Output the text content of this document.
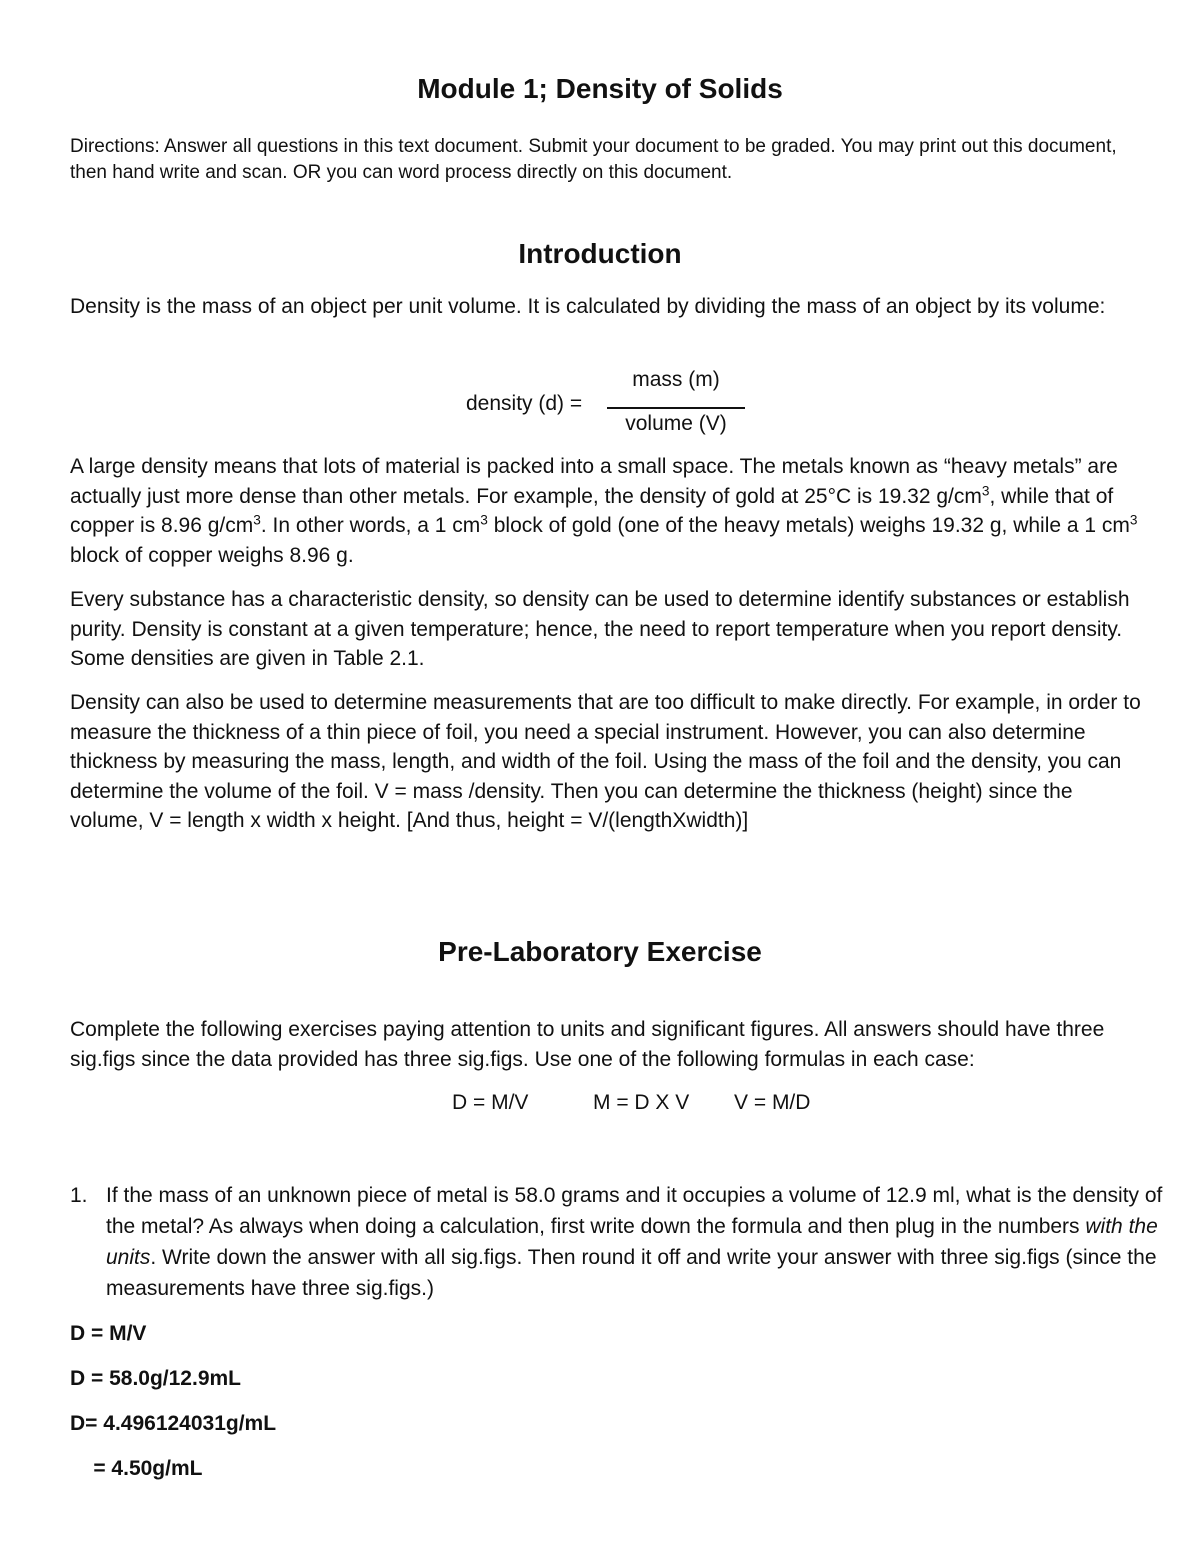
Module 1; Density of Solids

Directions: Answer all questions in this text document. Submit your document to be graded. You may print out this document, then hand write and scan. OR you can word process directly on this document.

Introduction

Density is the mass of an object per unit volume. It is calculated by dividing the mass of an object by its volume:

density (d) =
mass (m)
volume (V)

A large density means that lots of material is packed into a small space. The metals known as “heavy metals” are actually just more dense than other metals. For example, the density of gold at 25°C is 19.32 $g/cm^3$, while that of copper is 8.96 $g/cm^3$. In other words, a 1 $cm^3$ block of gold (one of the heavy metals) weighs 19.32 g, while a 1 $cm^3$ block of copper weighs 8.96 g.

Every substance has a characteristic density, so density can be used to determine identify substances or establish purity. Density is constant at a given temperature; hence, the need to report temperature when you report density. Some densities are given in Table 2.1.

Density can also be used to determine measurements that are too difficult to make directly. For example, in order to measure the thickness of a thin piece of foil, you need a special instrument. However, you can also determine thickness by measuring the mass, length, and width of the foil. Using the mass of the foil and the density, you can determine the volume of the foil. V = mass /density. Then you can determine the thickness (height) since the volume, V = length x width x height. [And thus, height = V/(lengthXwidth)]

Pre-Laboratory Exercise

Complete the following exercises paying attention to units and significant figures. All answers should have three sig.figs since the data provided has three sig.figs. Use one of the following formulas in each case:

D = M/V	M = D X V V = M/D
1. If the mass of an unknown piece of metal is 58.0 grams and it occupies a volume of 12.9 ml, what is the density of the metal? As always when doing a calculation, first write down the formula and then plug in the numbers with the units. Write down the answer with all sig.figs. Then round it off and write your answer with three sig.figs (since the measurements have three sig.figs.)

D = M/V

D = 58.0g/12.9mL

D= 4.496124031g/mL

= 4.50g/mL
